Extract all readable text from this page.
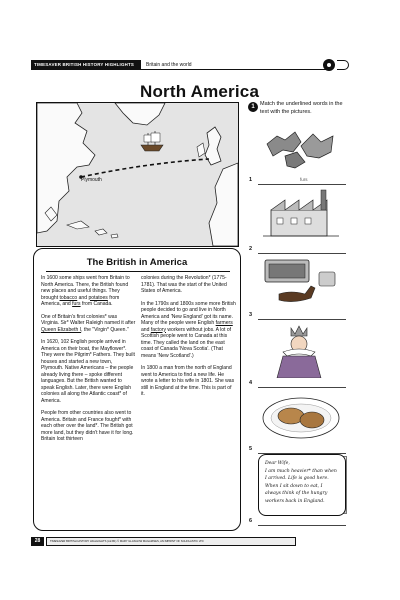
TIMESAVER BRITISH HISTORY HIGHLIGHTS	Britain and the world
North America
Plymouth
The British in America

In 1600 some ships went from Britain to North America. There, the British found new places and useful things. They brought tobacco and potatoes from America, and furs from Canada.

One of Britain's first colonies* was Virginia. Sir* Walter Raleigh named it after Queen Elizabeth I, the "Virgin* Queen."

In 1620, 102 English people arrived in America on their boat, the Mayflower*. They were the Pilgrim* Fathers. They built houses and started a new town, Plymouth. Native Americans – the people already living there – spoke different languages. But the British wanted to speak English. Later, there were English colonies all along the Atlantic coast* of America.

People from other countries also went to America. Britain and France fought* with each other over the land*. The British got more land, but they didn't have it for long. Britain lost thirteen

colonies during the Revolution* (1775-1781). That was the start of the United States of America.

In the 1790s and 1800s some more British people decided to go and live in North America and 'New England' got its name. Many of the people were English farmers and factory workers without jobs. A lot of Scottish people went to Canada at this time. They called the land on the east coast of Canada 'Nova Scotia'. (That means 'New Scotland'.)

In 1800 a man from the north of England went to America to find a new life. He wrote a letter to his wife in 1801. She was still in England at the time. This is part of it.

1 Match the underlined words in the text with the pictures.
furs
1
2
3
4
5
Dear Wife,
I am much heavier* than when
I arrived. Life is good here.
When I sit down to eat, I
always think of the hungry
workers back in England.
6
28	TIMESAVER BRITISH HISTORY HIGHLIGHTS (A2-B1) © MARY GLASGOW MAGAZINES, AN IMPRINT OF SCHOLASTIC LTD
